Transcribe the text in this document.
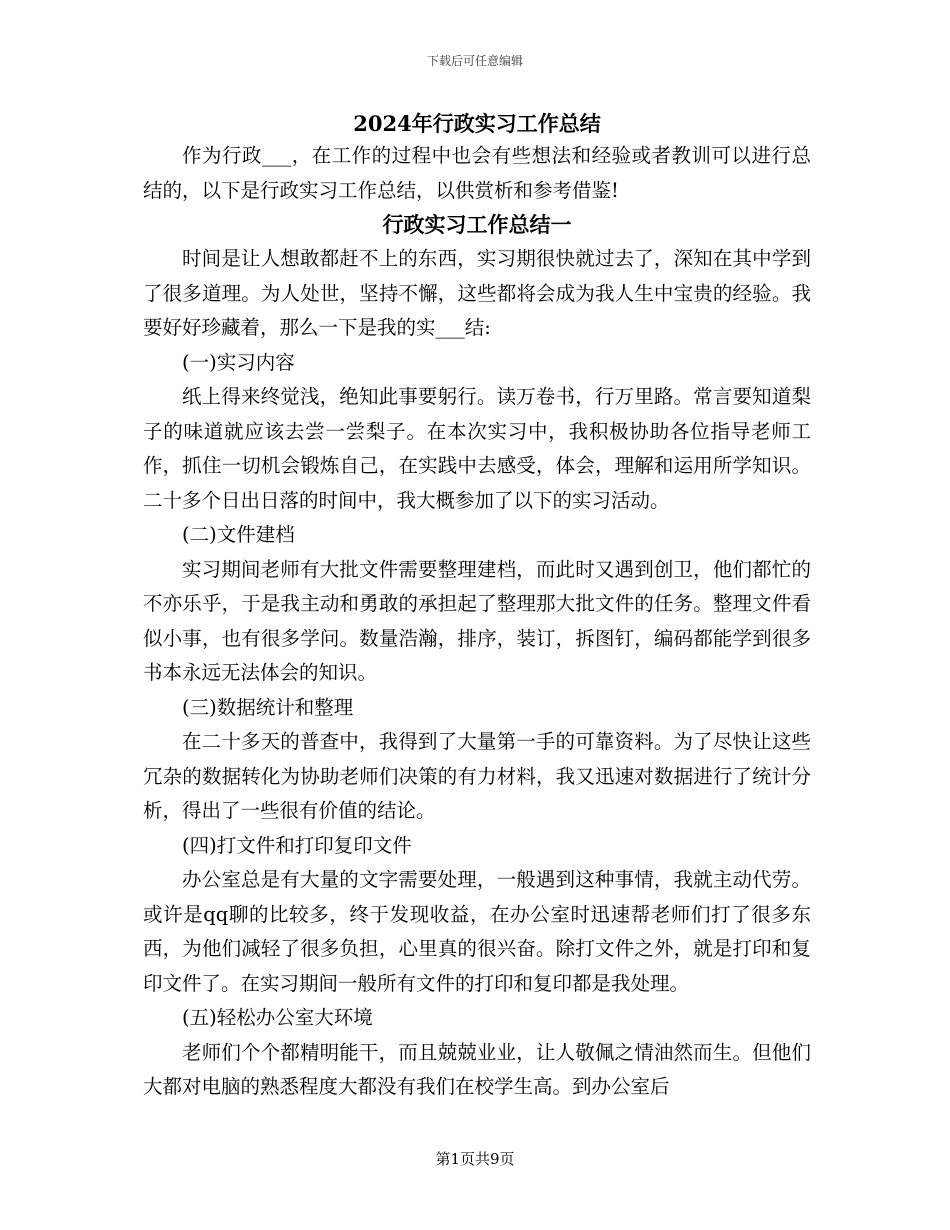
下载后可任意编辑

2024年行政实习工作总结

作为行政___，在工作的过程中也会有些想法和经验或者教训可以进行总结的，以下是行政实习工作总结，以供赏析和参考借鉴!

行政实习工作总结一

时间是让人想敢都赶不上的东西，实习期很快就过去了，深知在其中学到了很多道理。为人处世，坚持不懈，这些都将会成为我人生中宝贵的经验。我要好好珍藏着，那么一下是我的实___结:

(一)实习内容

纸上得来终觉浅，绝知此事要躬行。读万卷书，行万里路。常言要知道梨子的味道就应该去尝一尝梨子。在本次实习中，我积极协助各位指导老师工作，抓住一切机会锻炼自己，在实践中去感受，体会，理解和运用所学知识。二十多个日出日落的时间中，我大概参加了以下的实习活动。

(二)文件建档

实习期间老师有大批文件需要整理建档，而此时又遇到创卫，他们都忙的不亦乐乎，于是我主动和勇敢的承担起了整理那大批文件的任务。整理文件看似小事，也有很多学问。数量浩瀚，排序，装订，拆图钉，编码都能学到很多书本永远无法体会的知识。

(三)数据统计和整理

在二十多天的普查中，我得到了大量第一手的可靠资料。为了尽快让这些冗杂的数据转化为协助老师们决策的有力材料，我又迅速对数据进行了统计分析，得出了一些很有价值的结论。

(四)打文件和打印复印文件

办公室总是有大量的文字需要处理，一般遇到这种事情，我就主动代劳。或许是qq聊的比较多，终于发现收益，在办公室时迅速帮老师们打了很多东西，为他们减轻了很多负担，心里真的很兴奋。除打文件之外，就是打印和复印文件了。在实习期间一般所有文件的打印和复印都是我处理。

(五)轻松办公室大环境

老师们个个都精明能干，而且兢兢业业，让人敬佩之情油然而生。但他们大都对电脑的熟悉程度大都没有我们在校学生高。到办公室后

第1页共9页
